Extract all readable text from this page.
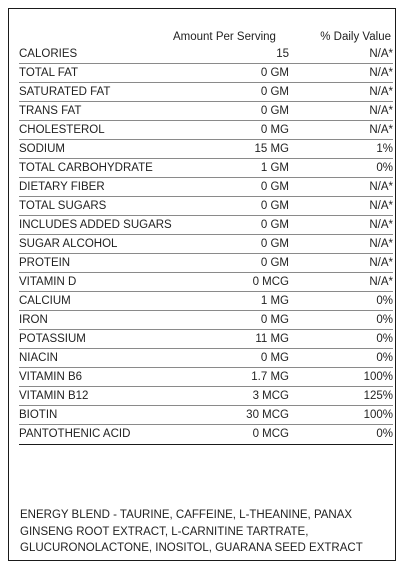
Amount Per Serving	% Daily Value
CALORIES	15	N/A*
TOTAL FAT	0 GM	N/A*
SATURATED FAT	0 GM	N/A*
TRANS FAT	0 GM	N/A*
CHOLESTEROL	0 MG	N/A*
SODIUM	15 MG	1%
TOTAL CARBOHYDRATE	1 GM	0%
DIETARY FIBER	0 GM	N/A*
TOTAL SUGARS	0 GM	N/A*
INCLUDES ADDED SUGARS	0 GM	N/A*
SUGAR ALCOHOL	0 GM	N/A*
PROTEIN	0 GM	N/A*
VITAMIN D	0 MCG	N/A*
CALCIUM	1 MG	0%
IRON	0 MG	0%
POTASSIUM	11 MG	0%
NIACIN	0 MG	0%
VITAMIN B6	1.7 MG	100%
VITAMIN B12	3 MCG	125%
BIOTIN	30 MCG	100%
PANTOTHENIC ACID	0 MCG	0%
ENERGY BLEND - TAURINE, CAFFEINE, L-THEANINE, PANAX GINSENG ROOT EXTRACT, L-CARNITINE TARTRATE, GLUCURONOLACTONE, INOSITOL, GUARANA SEED EXTRACT
